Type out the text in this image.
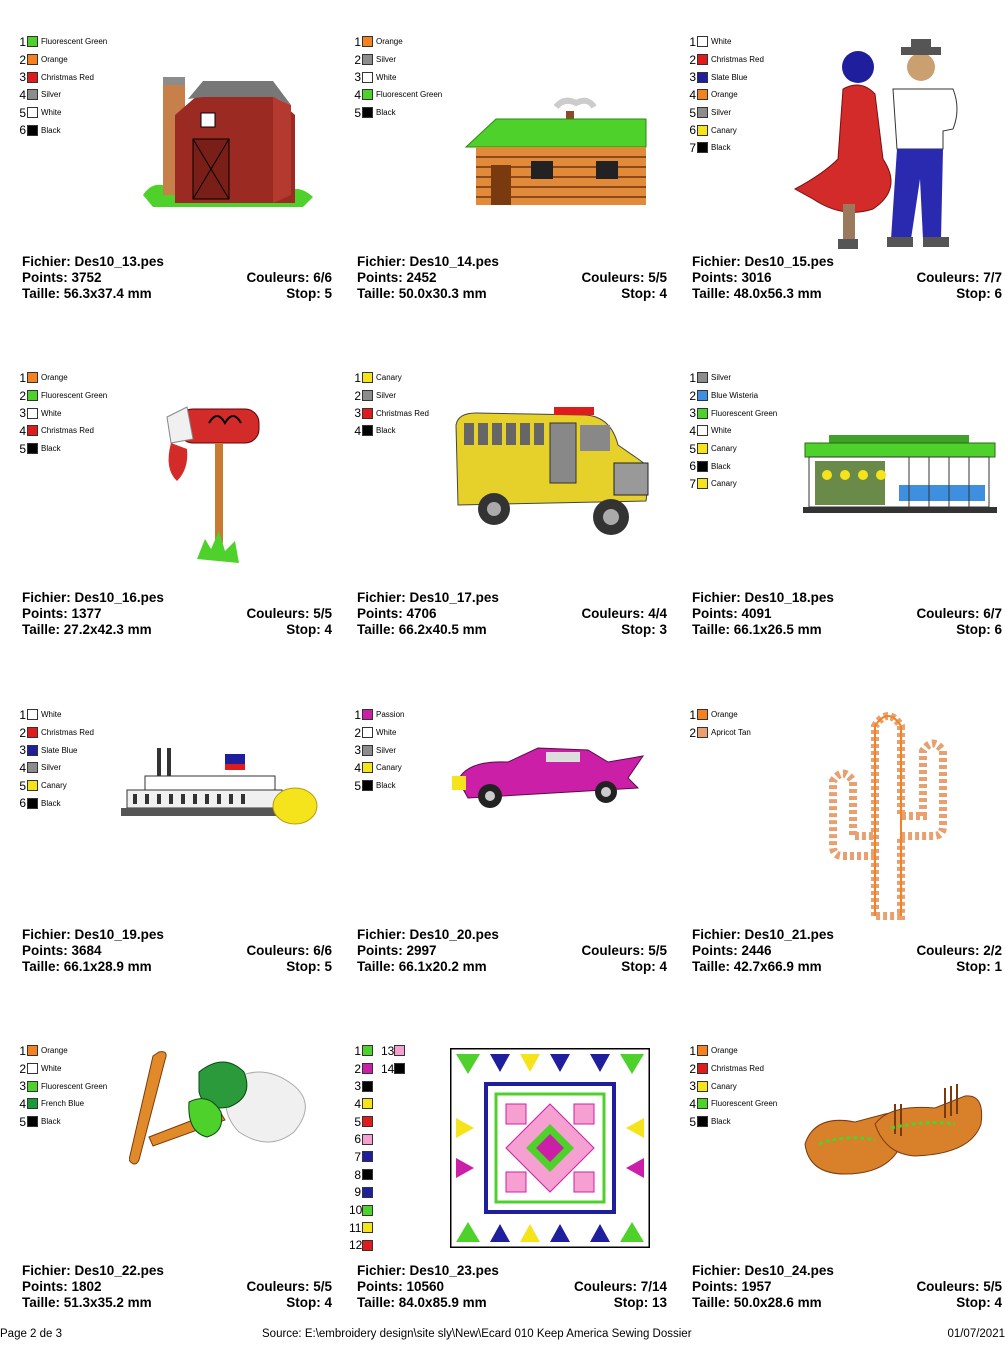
1 Fluorescent Green
2 Orange
3 Christmas Red
4 Silver
5 White
6 Black
Fichier: Des10_13.pes
Points: 3752	Couleurs: 6/6
Taille: 56.3x37.4 mm	Stop: 5
1 Orange
2 Silver
3 White
4 Fluorescent Green
5 Black
Fichier: Des10_14.pes
Points: 2452	Couleurs: 5/5
Taille: 50.0x30.3 mm	Stop: 4
1 White
2 Christmas Red
3 Slate Blue
4 Orange
5 Silver
6 Canary
7 Black
Fichier: Des10_15.pes
Points: 3016	Couleurs: 7/7
Taille: 48.0x56.3 mm	Stop: 6
1 Orange
2 Fluorescent Green
3 White
4 Christmas Red
5 Black
Fichier: Des10_16.pes
Points: 1377	Couleurs: 5/5
Taille: 27.2x42.3 mm	Stop: 4
1 Canary
2 Silver
3 Christmas Red
4 Black
Fichier: Des10_17.pes
Points: 4706	Couleurs: 4/4
Taille: 66.2x40.5 mm	Stop: 3
1 Silver
2 Blue Wisteria
3 Fluorescent Green
4 White
5 Canary
6 Black
7 Canary
Fichier: Des10_18.pes
Points: 4091	Couleurs: 6/7
Taille: 66.1x26.5 mm	Stop: 6
1 White
2 Christmas Red
3 Slate Blue
4 Silver
5 Canary
6 Black
Fichier: Des10_19.pes
Points: 3684	Couleurs: 6/6
Taille: 66.1x28.9 mm	Stop: 5
1 Passion
2 White
3 Silver
4 Canary
5 Black
Fichier: Des10_20.pes
Points: 2997	Couleurs: 5/5
Taille: 66.1x20.2 mm	Stop: 4
1 Orange
2 Apricot Tan
Fichier: Des10_21.pes
Points: 2446	Couleurs: 2/2
Taille: 42.7x66.9 mm	Stop: 1
1 Orange
2 White
3 Fluorescent Green
4 French Blue
5 Black
Fichier: Des10_22.pes
Points: 1802	Couleurs: 5/5
Taille: 51.3x35.2 mm	Stop: 4
1 13
2 14
3
4
5
6
7
8
9
10
11
12
Fichier: Des10_23.pes
Points: 10560	Couleurs: 7/14
Taille: 84.0x85.9 mm	Stop: 13
1 Orange
2 Christmas Red
3 Canary
4 Fluorescent Green
5 Black
Fichier: Des10_24.pes
Points: 1957	Couleurs: 5/5
Taille: 50.0x28.6 mm	Stop: 4
Page 2 de 3	Source: E:\embroidery design\site sly\New\Ecard 010 Keep America Sewing Dossier	01/07/2021
